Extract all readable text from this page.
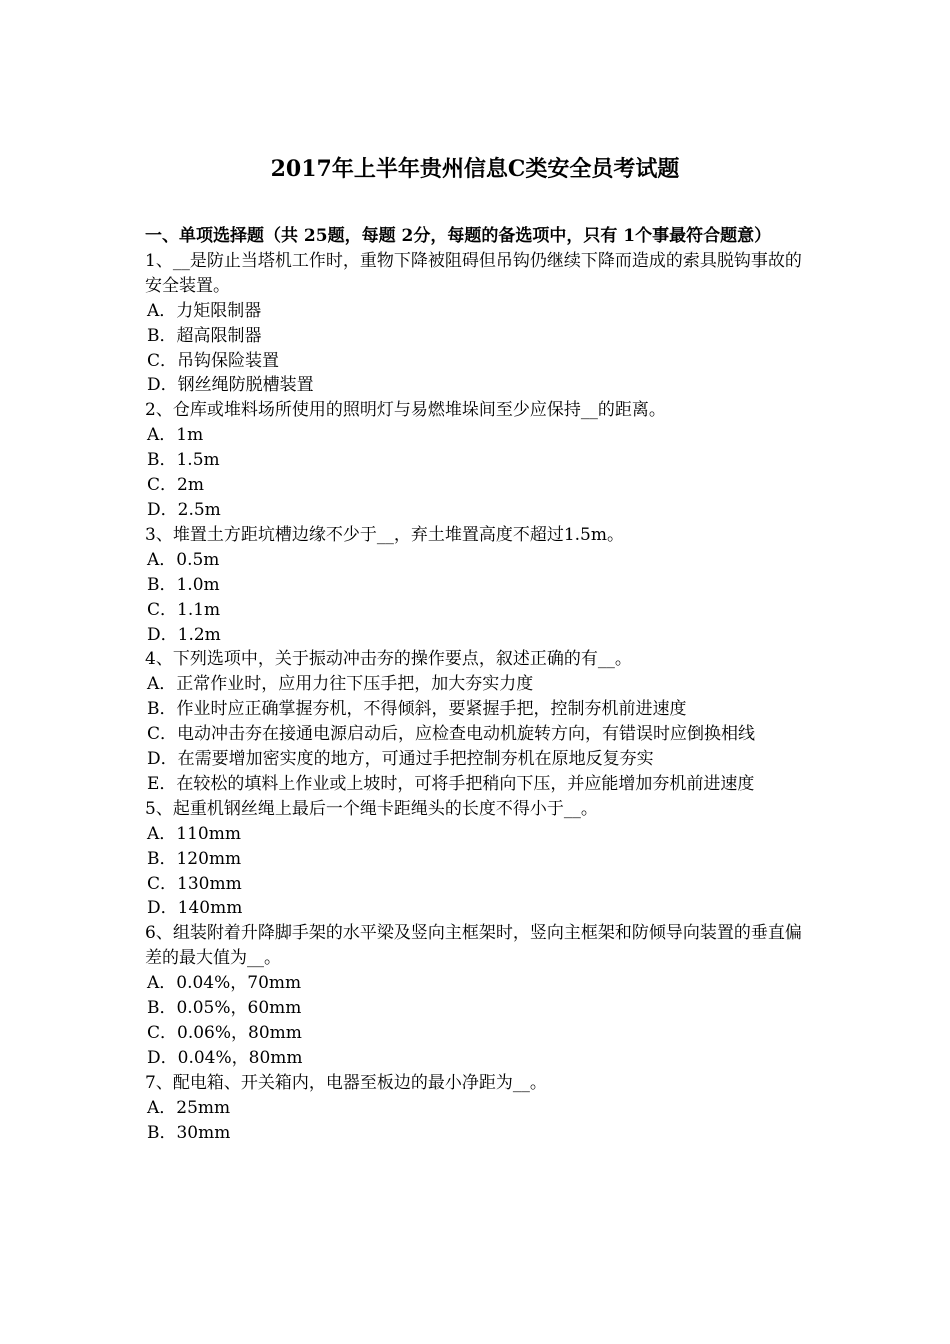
2017年上半年贵州信息C类安全员考试题

一、单项选择题（共 25题，每题 2分，每题的备选项中，只有 1个事最符合题意）

1、__是防止当塔机工作时，重物下降被阻碍但吊钩仍继续下降而造成的索具脱钩事故的安全装置。

A．力矩限制器

B．超高限制器

C．吊钩保险装置

D．钢丝绳防脱槽装置

2、仓库或堆料场所使用的照明灯与易燃堆垛间至少应保持__的距离。

A．1m

B．1.5m

C．2m

D．2.5m

3、堆置土方距坑槽边缘不少于__，弃土堆置高度不超过1.5m。

A．0.5m

B．1.0m

C．1.1m

D．1.2m

4、下列选项中，关于振动冲击夯的操作要点，叙述正确的有__。

A．正常作业时，应用力往下压手把，加大夯实力度

B．作业时应正确掌握夯机，不得倾斜，要紧握手把，控制夯机前进速度

C．电动冲击夯在接通电源启动后，应检查电动机旋转方向，有错误时应倒换相线

D．在需要增加密实度的地方，可通过手把控制夯机在原地反复夯实

E．在较松的填料上作业或上坡时，可将手把稍向下压，并应能增加夯机前进速度

5、起重机钢丝绳上最后一个绳卡距绳头的长度不得小于__。

A．110mm

B．120mm

C．130mm

D．140mm

6、组装附着升降脚手架的水平梁及竖向主框架时，竖向主框架和防倾导向装置的垂直偏差的最大值为__。

A．0.04%，70mm

B．0.05%，60mm

C．0.06%，80mm

D．0.04%，80mm

7、配电箱、开关箱内，电器至板边的最小净距为__。

A．25mm

B．30mm
